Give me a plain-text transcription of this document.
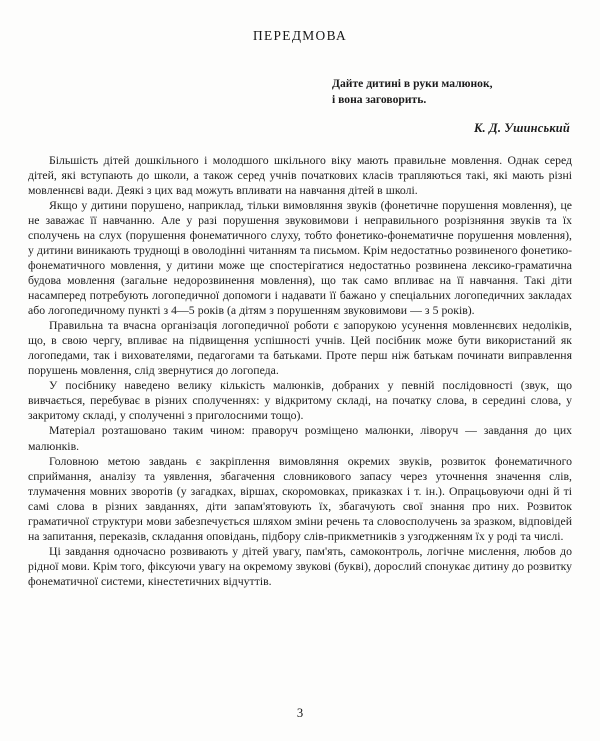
ПЕРЕДМОВА
Дайте дитині в руки малюнок,
і вона заговорить.
К. Д. Ушинський

Більшість дітей дошкільного і молодшого шкільного віку мають правильне мовлення. Однак серед дітей, які вступають до школи, а також серед учнів початкових класів трапляються такі, які мають різні мовленнєві вади. Деякі з цих вад можуть впливати на навчання дітей в школі.

Якщо у дитини порушено, наприклад, тільки вимовляння звуків (фонетичне порушення мовлення), це не заважає її навчанню. Але у разі порушення звуковимови і неправильного розрізняння звуків та їх сполучень на слух (порушення фонематичного слуху, тобто фонетико-фонематичне порушення мовлення), у дитини виникають труднощі в оволодінні читанням та письмом. Крім недостатньо розвиненого фонетико-фонематичного мовлення, у дитини може ще спостерігатися недостатньо розвинена лексико-граматична будова мовлення (загальне недорозвинення мовлення), що так само впливає на її навчання. Такі діти насамперед потребують логопедичної допомоги і надавати її бажано у спеціальних логопедичних закладах або логопедичному пункті з 4—5 років (а дітям з порушенням звуковимови — з 5 років).

Правильна та вчасна організація логопедичної роботи є запорукою усунення мовленнєвих недоліків, що, в свою чергу, впливає на підвищення успішності учнів. Цей посібник може бути використаний як логопедами, так і вихователями, педагогами та батьками. Проте перш ніж батькам починати виправлення порушень мовлення, слід звернутися до логопеда.

У посібнику наведено велику кількість малюнків, добраних у певній послідовності (звук, що вивчається, перебуває в різних сполученнях: у відкритому складі, на початку слова, в середині слова, у закритому складі, у сполученні з приголосними тощо).

Матеріал розташовано таким чином: праворуч розміщено малюнки, ліворуч — завдання до цих малюнків.

Головною метою завдань є закріплення вимовляння окремих звуків, розвиток фонематичного сприймання, аналізу та уявлення, збагачення словникового запасу через уточнення значення слів, тлумачення мовних зворотів (у загадках, віршах, скоромовках, приказках і т. ін.). Опрацьовуючи одні й ті самі слова в різних завданнях, діти запам'ятовують їх, збагачують свої знання про них. Розвиток граматичної структури мови забезпечується шляхом зміни речень та словосполучень за зразком, відповідей на запитання, переказів, складання оповідань, підбору слів-прикметників з узгодженням їх у роді та числі.

Ці завдання одночасно розвивають у дітей увагу, пам'ять, самоконтроль, логічне мислення, любов до рідної мови. Крім того, фіксуючи увагу на окремому звукові (букві), дорослий спонукає дитину до розвитку фонематичної системи, кінестетичних відчуттів.

3
